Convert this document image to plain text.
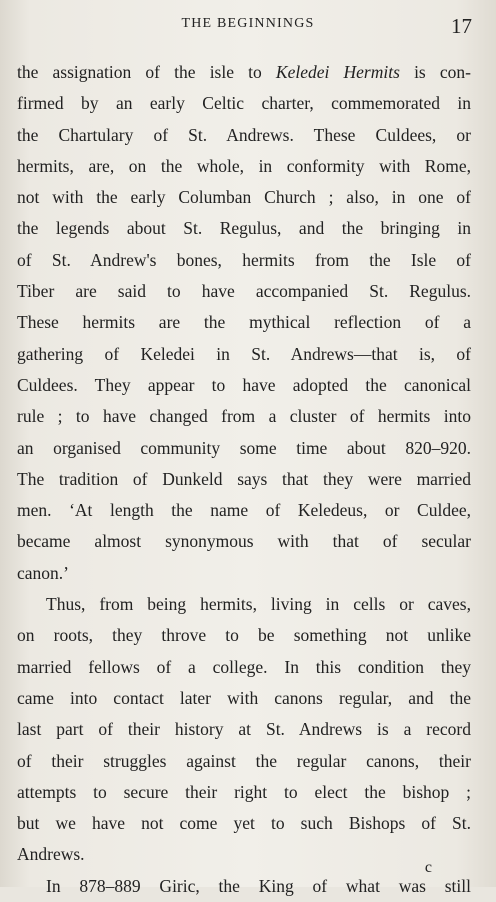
THE BEGINNINGS	17
the assignation of the isle to Keledei Hermits is con-
firmed by an early Celtic charter, commemorated in
the Chartulary of St. Andrews. These Culdees, or
hermits, are, on the whole, in conformity with Rome,
not with the early Columban Church ; also, in one of
the legends about St. Regulus, and the bringing in
of St. Andrew's bones, hermits from the Isle of
Tiber are said to have accompanied St. Regulus.
These hermits are the mythical reflection of a
gathering of Keledei in St. Andrews—that is, of
Culdees. They appear to have adopted the canonical
rule ; to have changed from a cluster of hermits into
an organised community some time about 820–920.
The tradition of Dunkeld says that they were married
men. ‘At length the name of Keledeus, or Culdee,
became almost synonymous with that of secular
canon.’
Thus, from being hermits, living in cells or caves,
on roots, they throve to be something not unlike
married fellows of a college. In this condition they
came into contact later with canons regular, and the
last part of their history at St. Andrews is a record
of their struggles against the regular canons, their
attempts to secure their right to elect the bishop ;
but we have not come yet to such Bishops of St.
Andrews.
In 878–889 Giric, the King of what was still
c
